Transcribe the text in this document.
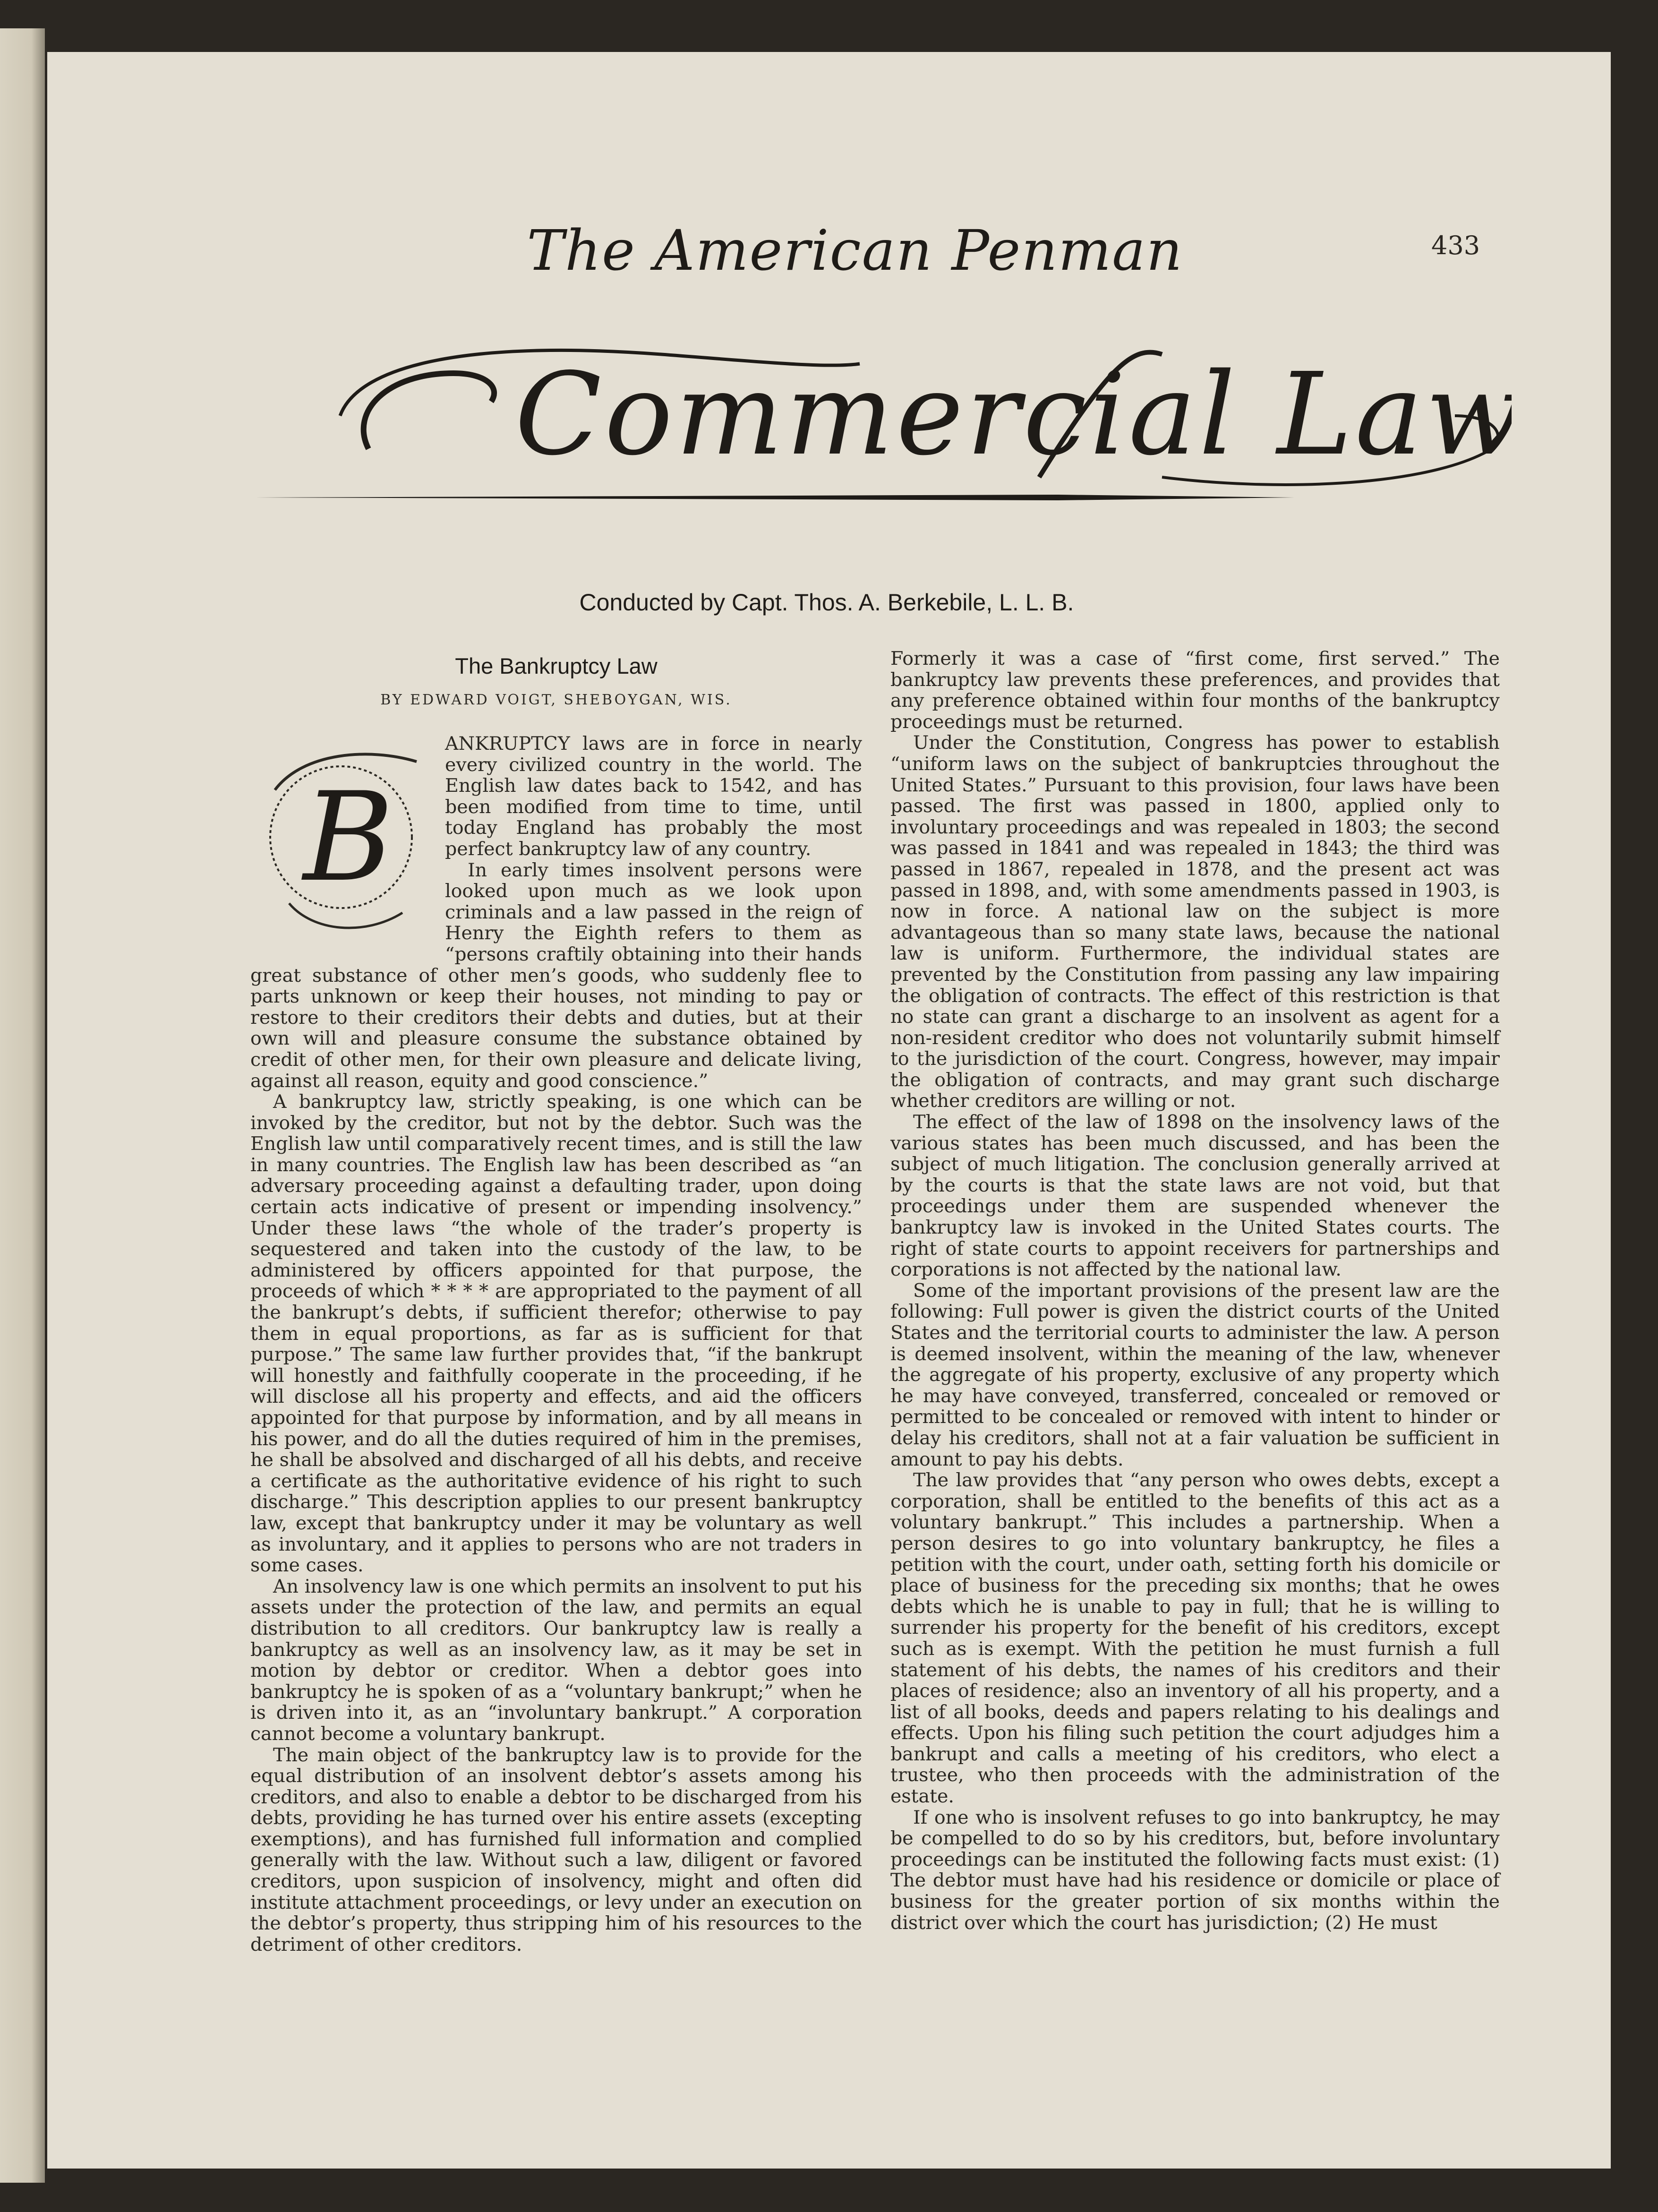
The American Penman	433
Commercial Law
Conducted by Capt. Thos. A. Berkebile, L. L. B.
The Bankruptcy Law
BY EDWARD VOIGT, SHEBOYGAN, WIS.
B

ANKRUPTCY laws are in force in nearly every civilized country in the world. The English law dates back to 1542, and has been modified from time to time, until today England has probably the most perfect bankruptcy law of any country.

In early times insolvent persons were looked upon much as we look upon criminals and a law passed in the reign of Henry the Eighth refers to them as “persons craftily obtaining into their hands great substance of other men’s goods, who suddenly flee to parts unknown or keep their houses, not minding to pay or restore to their creditors their debts and duties, but at their own will and pleasure consume the substance obtained by credit of other men, for their own pleasure and delicate living, against all reason, equity and good conscience.”

A bankruptcy law, strictly speaking, is one which can be invoked by the creditor, but not by the debtor. Such was the English law until comparatively recent times, and is still the law in many countries. The English law has been described as “an adversary proceeding against a defaulting trader, upon doing certain acts indicative of present or impending insolvency.” Under these laws “the whole of the trader’s property is sequestered and taken into the custody of the law, to be administered by officers appointed for that purpose, the proceeds of which * * * * are appropriated to the payment of all the bankrupt’s debts, if sufficient therefor; otherwise to pay them in equal proportions, as far as is sufficient for that purpose.” The same law further provides that, “if the bankrupt will honestly and faithfully cooperate in the proceeding, if he will disclose all his property and effects, and aid the officers appointed for that purpose by information, and by all means in his power, and do all the duties required of him in the premises, he shall be absolved and discharged of all his debts, and receive a certificate as the authoritative evidence of his right to such discharge.” This description applies to our present bankruptcy law, except that bankruptcy under it may be voluntary as well as involuntary, and it applies to persons who are not traders in some cases.

An insolvency law is one which permits an insolvent to put his assets under the protection of the law, and permits an equal distribution to all creditors. Our bankruptcy law is really a bankruptcy as well as an insolvency law, as it may be set in motion by debtor or creditor. When a debtor goes into bankruptcy he is spoken of as a “voluntary bankrupt;” when he is driven into it, as an “involuntary bankrupt.” A corporation cannot become a voluntary bankrupt.

The main object of the bankruptcy law is to provide for the equal distribution of an insolvent debtor’s assets among his creditors, and also to enable a debtor to be discharged from his debts, providing he has turned over his entire assets (excepting exemptions), and has furnished full information and complied generally with the law. Without such a law, diligent or favored creditors, upon suspicion of insolvency, might and often did institute attachment proceedings, or levy under an execution on the debtor’s property, thus stripping him of his resources to the detriment of other creditors.

Formerly it was a case of “first come, first served.” The bankruptcy law prevents these preferences, and provides that any preference obtained within four months of the bankruptcy proceedings must be returned.

Under the Constitution, Congress has power to establish “uniform laws on the subject of bankruptcies throughout the United States.” Pursuant to this provision, four laws have been passed. The first was passed in 1800, applied only to involuntary proceedings and was repealed in 1803; the second was passed in 1841 and was repealed in 1843; the third was passed in 1867, repealed in 1878, and the present act was passed in 1898, and, with some amendments passed in 1903, is now in force. A national law on the subject is more advantageous than so many state laws, because the national law is uniform. Furthermore, the individual states are prevented by the Constitution from passing any law impairing the obligation of contracts. The effect of this restriction is that no state can grant a discharge to an insolvent as agent for a non-resident creditor who does not voluntarily submit himself to the jurisdiction of the court. Congress, however, may impair the obligation of contracts, and may grant such discharge whether creditors are willing or not.

The effect of the law of 1898 on the insolvency laws of the various states has been much discussed, and has been the subject of much litigation. The conclusion generally arrived at by the courts is that the state laws are not void, but that proceedings under them are suspended whenever the bankruptcy law is invoked in the United States courts. The right of state courts to appoint receivers for partnerships and corporations is not affected by the national law.

Some of the important provisions of the present law are the following: Full power is given the district courts of the United States and the territorial courts to administer the law. A person is deemed insolvent, within the meaning of the law, whenever the aggregate of his property, exclusive of any property which he may have conveyed, transferred, concealed or removed or permitted to be concealed or removed with intent to hinder or delay his creditors, shall not at a fair valuation be sufficient in amount to pay his debts.

The law provides that “any person who owes debts, except a corporation, shall be entitled to the benefits of this act as a voluntary bankrupt.” This includes a partnership. When a person desires to go into voluntary bankruptcy, he files a petition with the court, under oath, setting forth his domicile or place of business for the preceding six months; that he owes debts which he is unable to pay in full; that he is willing to surrender his property for the benefit of his creditors, except such as is exempt. With the petition he must furnish a full statement of his debts, the names of his creditors and their places of residence; also an inventory of all his property, and a list of all books, deeds and papers relating to his dealings and effects. Upon his filing such petition the court adjudges him a bankrupt and calls a meeting of his creditors, who elect a trustee, who then proceeds with the administration of the estate.

If one who is insolvent refuses to go into bankruptcy, he may be compelled to do so by his creditors, but, before involuntary proceedings can be instituted the following facts must exist: (1) The debtor must have had his residence or domicile or place of business for the greater portion of six months within the district over which the court has jurisdiction; (2) He must
